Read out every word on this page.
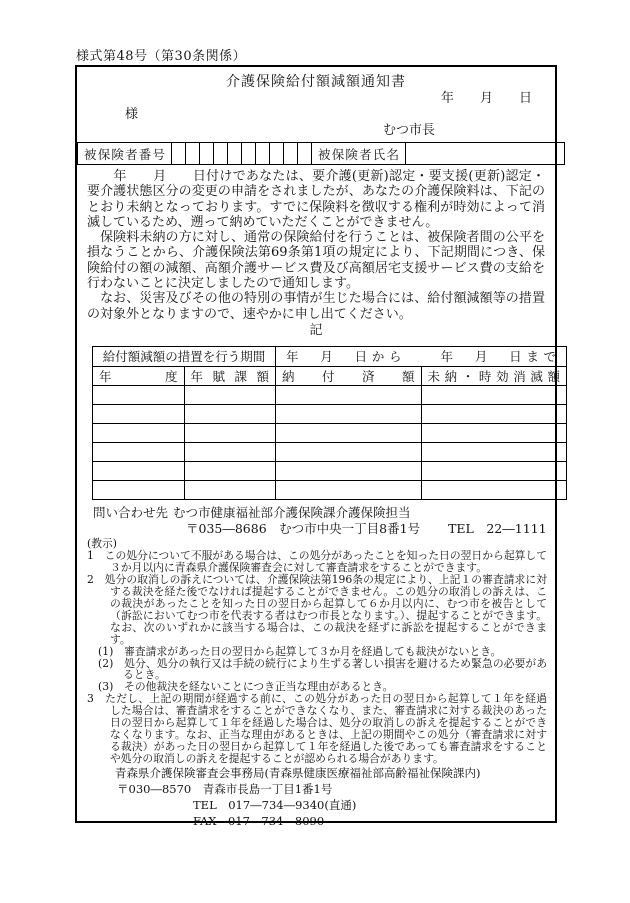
様式第48号（第30条関係）
介護保険給付額減額通知書
年　　月　　日
様
むつ市長
被保険者番号											被保険者氏名	

　　年　　月　　日付けであなたは、要介護(更新)認定・要支援(更新)認定・要介護状態区分の変更の申請をされましたが、あなたの介護保険料は、下記のとおり未納となっております。すでに保険料を徴収する権利が時効によって消滅しているため、遡って納めていただくことができません。

　保険料未納の方に対し、通常の保険給付を行うことは、被保険者間の公平を損なうことから、介護保険法第69条第1項の規定により、下記期間につき、保険給付の額の減額、高額介護サービス費及び高額居宅支援サービス費の支給を行わないことに決定しましたので通知します。

　なお、災害及びその他の特別の事情が生じた場合には、給付額減額等の措置の対象外となりますので、速やかに申し出てください。

記
給付額減額の措置を行う期間		年　月　日から　　年　月　日まで	
年度	年賦課額	納付済額	未納・時効消滅額

問い合わせ先 むつ市健康福祉部介護保険課介護保険担当
〒035―8686　むつ市中央一丁目8番1号 TEL　22―1111

(教示)

1　この処分について不服がある場合は、この処分があったことを知った日の翌日から起算して３か月以内に青森県介護保険審査会に対して審査請求をすることができます。

2　処分の取消しの訴えについては、介護保険法第196条の規定により、上記１の審査請求に対する裁決を経た後でなければ提起することができません。この処分の取消しの訴えは、この裁決があったことを知った日の翌日から起算して６か月以内に、むつ市を被告として（訴訟においてむつ市を代表する者はむつ市長となります。）、提起することができます。なお、次のいずれかに該当する場合は、この裁決を経ずに訴訟を提起することができます。

(1)　審査請求があった日の翌日から起算して３か月を経過しても裁決がないとき。

(2)　処分、処分の執行又は手続の続行により生ずる著しい損害を避けるため緊急の必要があるとき。

(3)　その他裁決を経ないことにつき正当な理由があるとき。

3　ただし、上記の期間が経過する前に、この処分があった日の翌日から起算して１年を経過した場合は、審査請求をすることができなくなり、また、審査請求に対する裁決のあった日の翌日から起算して１年を経過した場合は、処分の取消しの訴えを提起することができなくなります。なお、正当な理由があるときは、上記の期間やこの処分（審査請求に対する裁決）があった日の翌日から起算して１年を経過した後であっても審査請求をすることや処分の取消しの訴えを提起することが認められる場合があります。

青森県介護保険審査会事務局(青森県健康医療福祉部高齢福祉保険課内)
〒030―8570　青森市長島一丁目1番1号
TEL　017―734―9340(直通)
FAX　017―734―8090
